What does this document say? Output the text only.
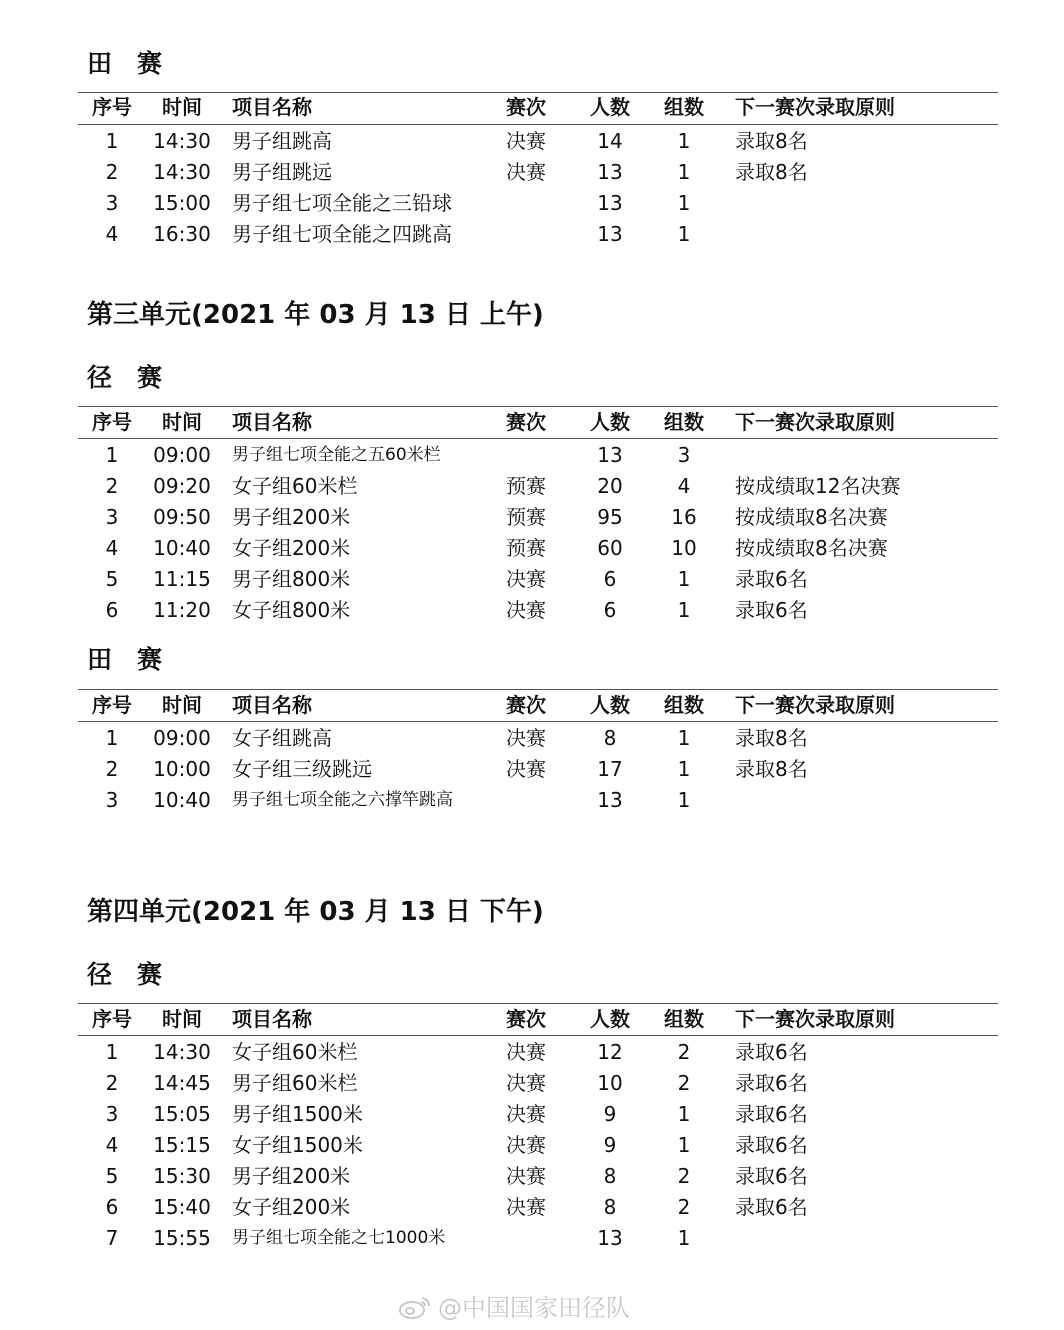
田　赛
序号	时间	项目名称	赛次	人数	组数	下一赛次录取原则
1	14:30 男子组跳高	决赛	14	1	录取8名
2	14:30 男子组跳远	决赛	13	1	录取8名
3	15:00 男子组七项全能之三铅球	13	1
4	16:30 男子组七项全能之四跳高	13	1
第三单元(2021 年 03 月 13 日 上午)
径　赛
序号	时间	项目名称	赛次	人数	组数	下一赛次录取原则
1	09:00 男子组七项全能之五60米栏	13	3
2	09:20 女子组60米栏	预赛	20	4	按成绩取12名决赛
3	09:50 男子组200米	预赛	95	16	按成绩取8名决赛
4	10:40 女子组200米	预赛	60	10	按成绩取8名决赛
5	11:15 男子组800米	决赛	6	1	录取6名
6	11:20 女子组800米	决赛	6	1	录取6名
田　赛
序号	时间	项目名称	赛次	人数	组数	下一赛次录取原则
1	09:00 女子组跳高	决赛	8	1	录取8名
2	10:00 女子组三级跳远	决赛	17	1	录取8名
3	10:40 男子组七项全能之六撑竿跳高	13	1
第四单元(2021 年 03 月 13 日 下午)
径　赛
序号	时间	项目名称	赛次	人数	组数	下一赛次录取原则
1	14:30 女子组60米栏	决赛	12	2	录取6名
2	14:45 男子组60米栏	决赛	10	2	录取6名
3	15:05 男子组1500米	决赛	9	1	录取6名
4	15:15 女子组1500米	决赛	9	1	录取6名
5	15:30 男子组200米	决赛	8	2	录取6名
6	15:40 女子组200米	决赛	8	2	录取6名
7	15:55 男子组七项全能之七1000米	13	1
@中国国家田径队
